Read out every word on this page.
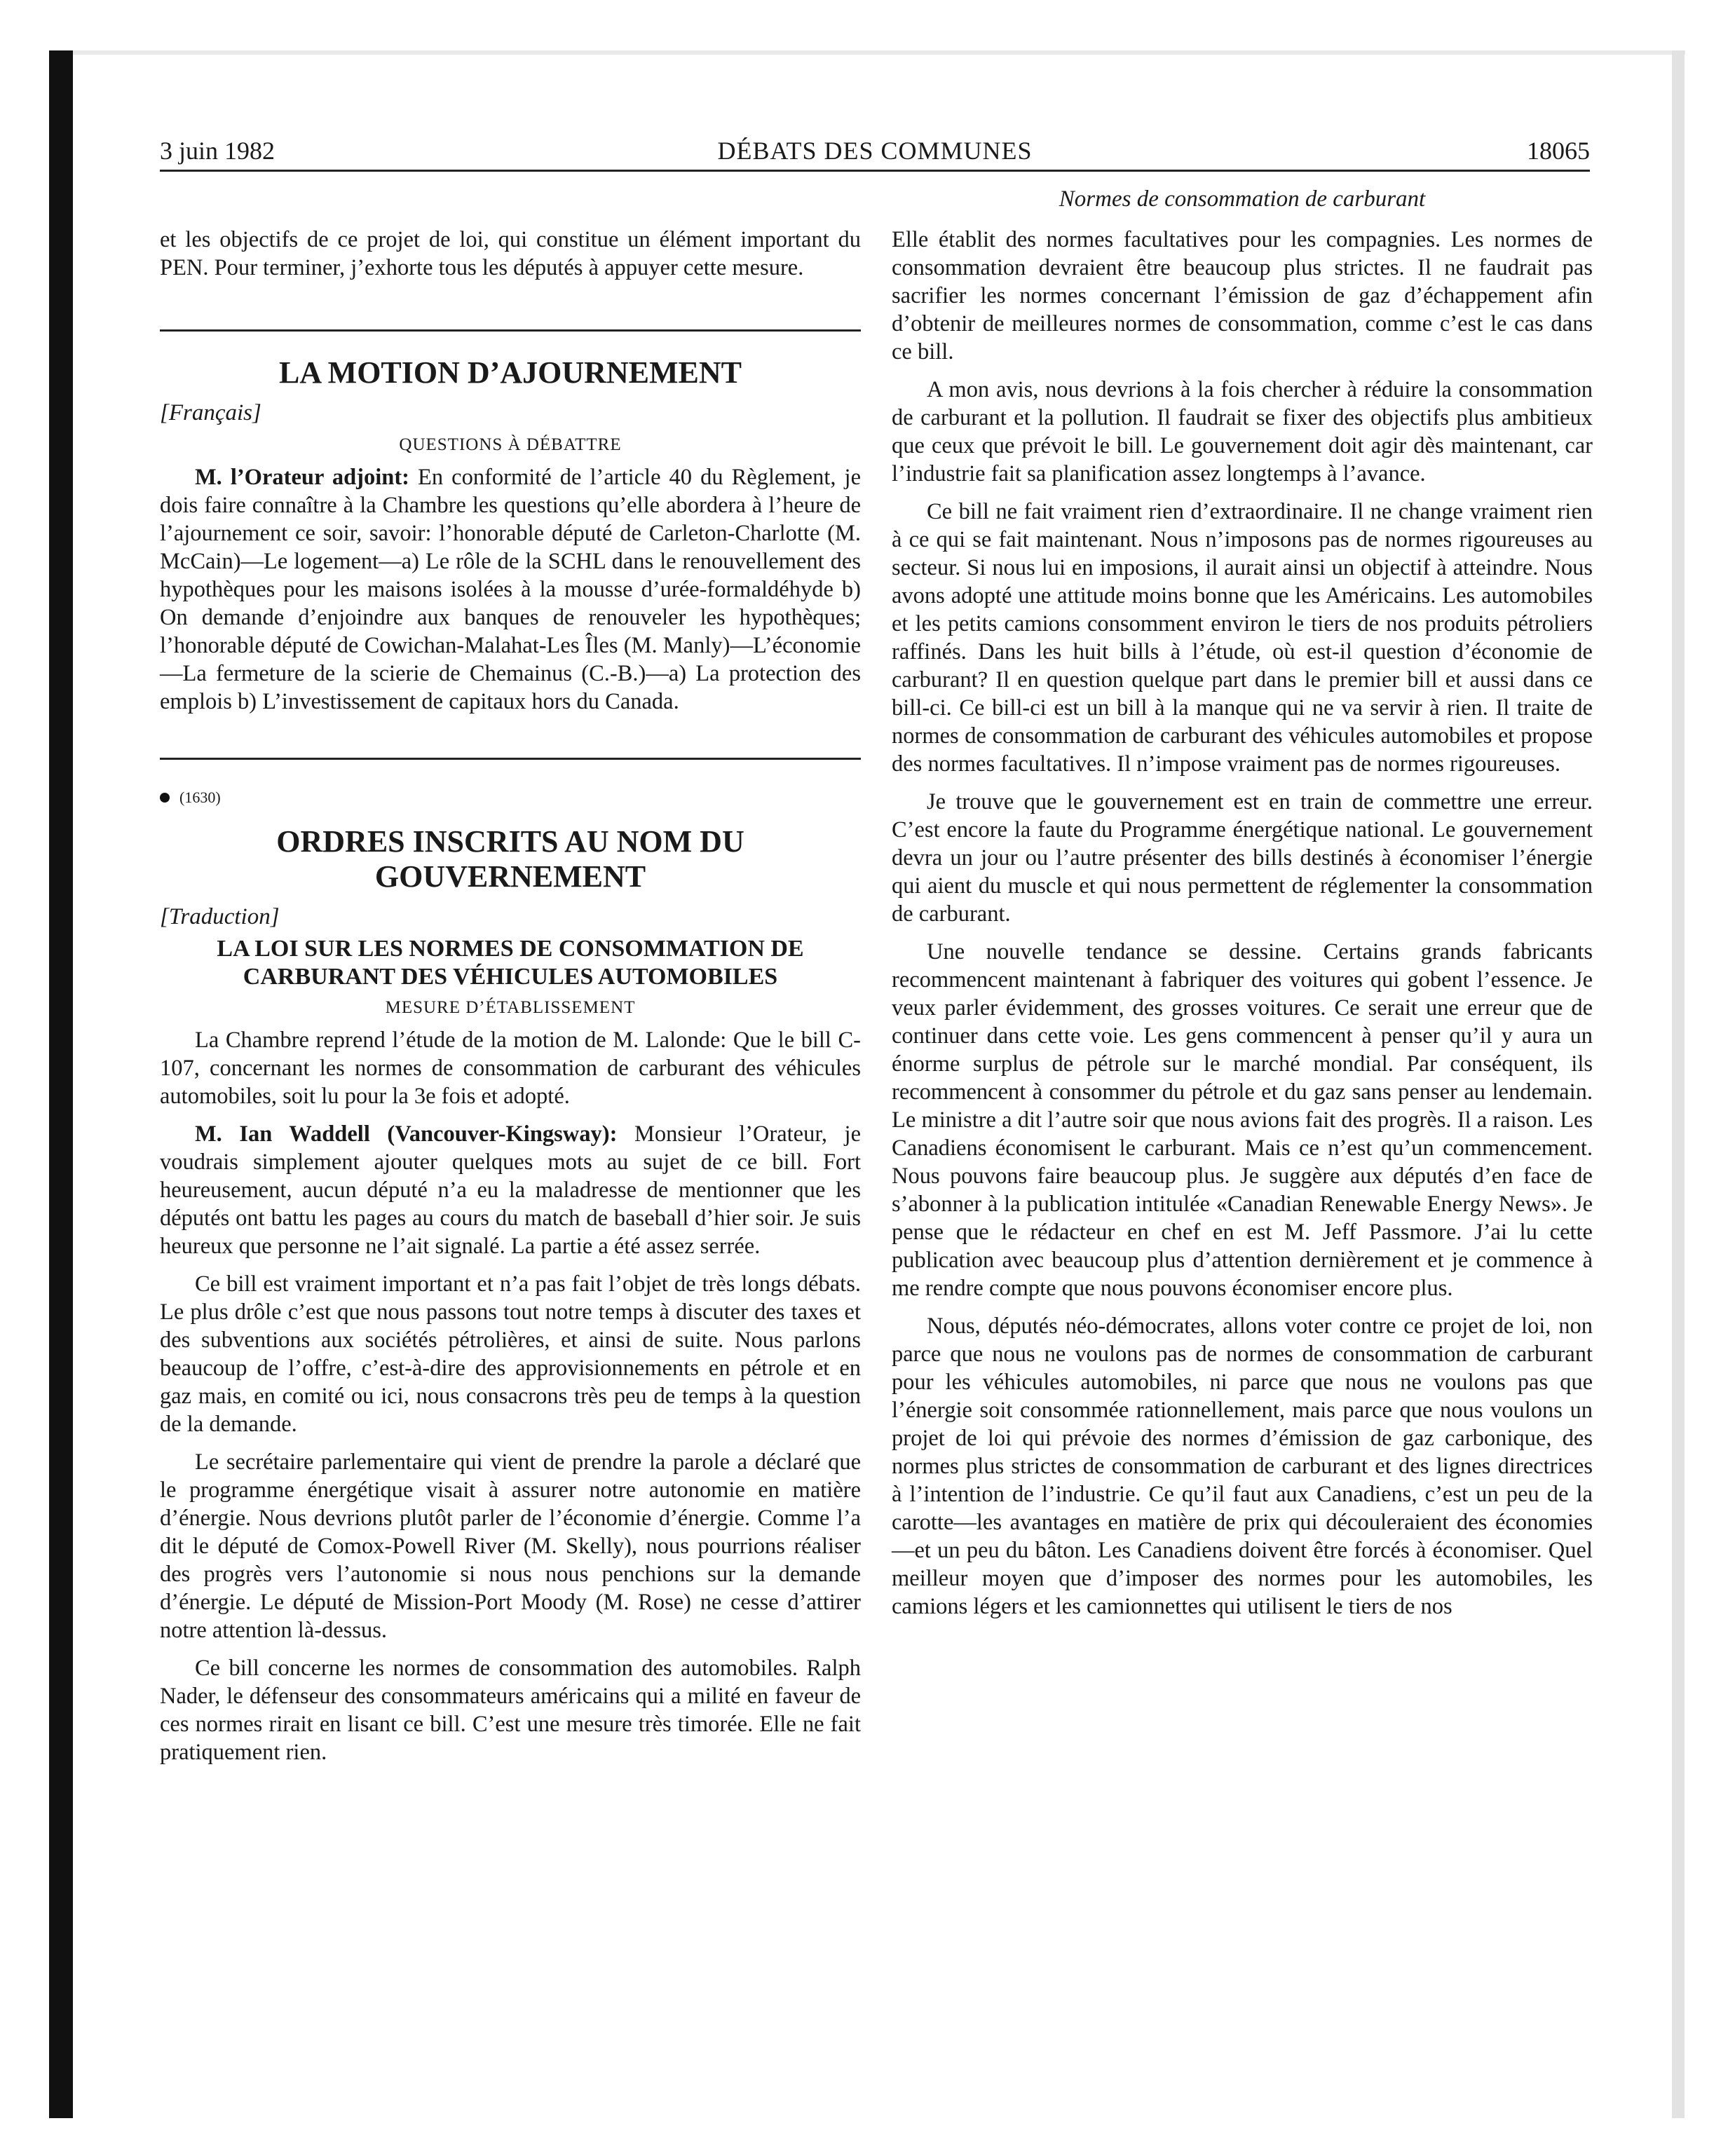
3 juin 1982	DÉBATS DES COMMUNES	18065
Normes de consommation de carburant

et les objectifs de ce projet de loi, qui constitue un élément important du PEN. Pour terminer, j’exhorte tous les députés à appuyer cette mesure.

LA MOTION D’AJOURNEMENT
[Français]
QUESTIONS À DÉBATTRE

M. l’Orateur adjoint: En conformité de l’article 40 du Règlement, je dois faire connaître à la Chambre les questions qu’elle abordera à l’heure de l’ajournement ce soir, savoir: l’honorable député de Carleton-Charlotte (M. McCain)—Le logement—a) Le rôle de la SCHL dans le renouvellement des hypothèques pour les maisons isolées à la mousse d’urée-formaldéhyde b) On demande d’enjoindre aux banques de renouveler les hypothèques; l’honorable député de Cowichan-Malahat-Les Îles (M. Manly)—L’économie—La fermeture de la scierie de Chemainus (C.-B.)—a) La protection des emplois b) L’investissement de capitaux hors du Canada.

(1630)
ORDRES INSCRITS AU NOM DU GOUVERNEMENT
[Traduction]
LA LOI SUR LES NORMES DE CONSOMMATION DE CARBURANT DES VÉHICULES AUTOMOBILES
MESURE D’ÉTABLISSEMENT

La Chambre reprend l’étude de la motion de M. Lalonde: Que le bill C-107, concernant les normes de consommation de carburant des véhicules automobiles, soit lu pour la 3e fois et adopté.

M. Ian Waddell (Vancouver-Kingsway): Monsieur l’Orateur, je voudrais simplement ajouter quelques mots au sujet de ce bill. Fort heureusement, aucun député n’a eu la maladresse de mentionner que les députés ont battu les pages au cours du match de baseball d’hier soir. Je suis heureux que personne ne l’ait signalé. La partie a été assez serrée.

Ce bill est vraiment important et n’a pas fait l’objet de très longs débats. Le plus drôle c’est que nous passons tout notre temps à discuter des taxes et des subventions aux sociétés pétrolières, et ainsi de suite. Nous parlons beaucoup de l’offre, c’est-à-dire des approvisionnements en pétrole et en gaz mais, en comité ou ici, nous consacrons très peu de temps à la question de la demande.

Le secrétaire parlementaire qui vient de prendre la parole a déclaré que le programme énergétique visait à assurer notre autonomie en matière d’énergie. Nous devrions plutôt parler de l’économie d’énergie. Comme l’a dit le député de Comox-Powell River (M. Skelly), nous pourrions réaliser des progrès vers l’autonomie si nous nous penchions sur la demande d’énergie. Le député de Mission-Port Moody (M. Rose) ne cesse d’attirer notre attention là-dessus.

Ce bill concerne les normes de consommation des automobiles. Ralph Nader, le défenseur des consommateurs américains qui a milité en faveur de ces normes rirait en lisant ce bill. C’est une mesure très timorée. Elle ne fait pratiquement rien.

Elle établit des normes facultatives pour les compagnies. Les normes de consommation devraient être beaucoup plus strictes. Il ne faudrait pas sacrifier les normes concernant l’émission de gaz d’échappement afin d’obtenir de meilleures normes de consommation, comme c’est le cas dans ce bill.

A mon avis, nous devrions à la fois chercher à réduire la consommation de carburant et la pollution. Il faudrait se fixer des objectifs plus ambitieux que ceux que prévoit le bill. Le gouvernement doit agir dès maintenant, car l’industrie fait sa planification assez longtemps à l’avance.

Ce bill ne fait vraiment rien d’extraordinaire. Il ne change vraiment rien à ce qui se fait maintenant. Nous n’imposons pas de normes rigoureuses au secteur. Si nous lui en imposions, il aurait ainsi un objectif à atteindre. Nous avons adopté une attitude moins bonne que les Américains. Les automobiles et les petits camions consomment environ le tiers de nos produits pétroliers raffinés. Dans les huit bills à l’étude, où est-il question d’économie de carburant? Il en question quelque part dans le premier bill et aussi dans ce bill-ci. Ce bill-ci est un bill à la manque qui ne va servir à rien. Il traite de normes de consommation de carburant des véhicules automobiles et propose des normes facultatives. Il n’impose vraiment pas de normes rigoureuses.

Je trouve que le gouvernement est en train de commettre une erreur. C’est encore la faute du Programme énergétique national. Le gouvernement devra un jour ou l’autre présenter des bills destinés à économiser l’énergie qui aient du muscle et qui nous permettent de réglementer la consommation de carburant.

Une nouvelle tendance se dessine. Certains grands fabricants recommencent maintenant à fabriquer des voitures qui gobent l’essence. Je veux parler évidemment, des grosses voitures. Ce serait une erreur que de continuer dans cette voie. Les gens commencent à penser qu’il y aura un énorme surplus de pétrole sur le marché mondial. Par conséquent, ils recommencent à consommer du pétrole et du gaz sans penser au lendemain. Le ministre a dit l’autre soir que nous avions fait des progrès. Il a raison. Les Canadiens économisent le carburant. Mais ce n’est qu’un commencement. Nous pouvons faire beaucoup plus. Je suggère aux députés d’en face de s’abonner à la publication intitulée «Canadian Renewable Energy News». Je pense que le rédacteur en chef en est M. Jeff Passmore. J’ai lu cette publication avec beaucoup plus d’attention dernièrement et je commence à me rendre compte que nous pouvons économiser encore plus.

Nous, députés néo-démocrates, allons voter contre ce projet de loi, non parce que nous ne voulons pas de normes de consommation de carburant pour les véhicules automobiles, ni parce que nous ne voulons pas que l’énergie soit consommée rationnellement, mais parce que nous voulons un projet de loi qui prévoie des normes d’émission de gaz carbonique, des normes plus strictes de consommation de carburant et des lignes directrices à l’intention de l’industrie. Ce qu’il faut aux Canadiens, c’est un peu de la carotte—les avantages en matière de prix qui découleraient des économies—et un peu du bâton. Les Canadiens doivent être forcés à économiser. Quel meilleur moyen que d’imposer des normes pour les automobiles, les camions légers et les camionnettes qui utilisent le tiers de nos
